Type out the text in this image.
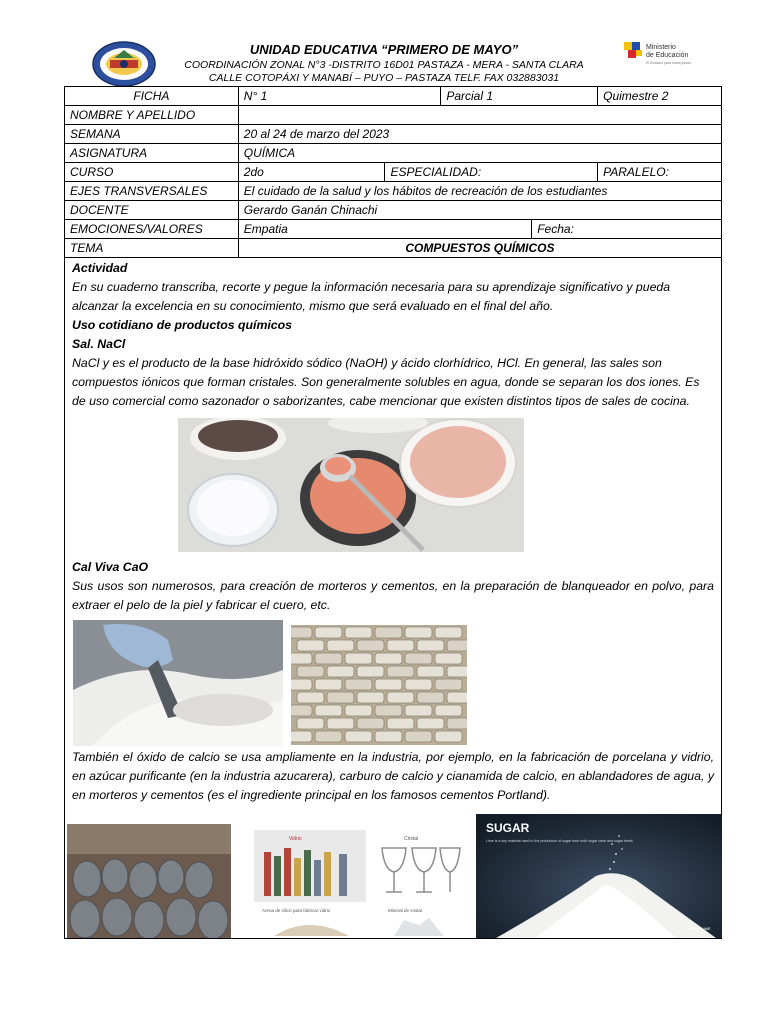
UNIDAD EDUCATIVA “PRIMERO DE MAYO”
COORDINACIÓN ZONAL N°3 -DISTRITO 16D01 PASTAZA - MERA - SANTA CLARA
CALLE COTOPÁXI Y MANABÍ – PUYO – PASTAZA TELF. FAX 032883031
Ministerio
de Educación
El Ecuador para todos juntos
FICHA	N° 1		Parcial 1		Quimestre 2
NOMBRE Y APELLIDO					
SEMANA	20 al 24 de marzo del 2023				
ASIGNATURA	QUÍMICA				
CURSO	2do	ESPECIALIDAD:			PARALELO:
EJES TRANSVERSALES	El cuidado de la salud y los hábitos de recreación de los estudiantes				
DOCENTE	Gerardo Ganán Chinachi				
EMOCIONES/VALORES	Empatia			Fecha:	
TEMA	COMPUESTOS QUÍMICOS				
Actividad
En su cuaderno transcriba, recorte y pegue la información necesaria para su aprendizaje significativo y pueda alcanzar la excelencia en su conocimiento, mismo que será evaluado en el final del año.
Uso cotidiano de productos químicos
Sal. NaCl
NaCl y es el producto de la base hidróxido sódico (NaOH) y ácido clorhídrico, HCl. En general, las sales son compuestos iónicos que forman cristales. Son generalmente solubles en agua, donde se separan los dos iones. Es de uso comercial como sazonador o saborizantes, cabe mencionar que existen distintos tipos de sales de cocina.
Cal Viva CaO
Sus usos son numerosos, para creación de morteros y cementos, en la preparación de blanqueador en polvo, para extraer el pelo de la piel y fabricar el cuero, etc.
También el óxido de calcio se usa ampliamente en la industria, por ejemplo, en la fabricación de porcelana y vidrio, en azúcar purificante (en la industria azucarera), carburo de calcio y cianamida de calcio, en ablandadores de agua, y en morteros y cementos (es el ingrediente principal en los famosos cementos Portland).
Vidrio	Cristal
Arena de sílice para fabricar vidrio	Mineral de cristal
SUGAR
Lime is a key material used in the production of sugar from both sugar cane and sugar beets
MICROLIME
